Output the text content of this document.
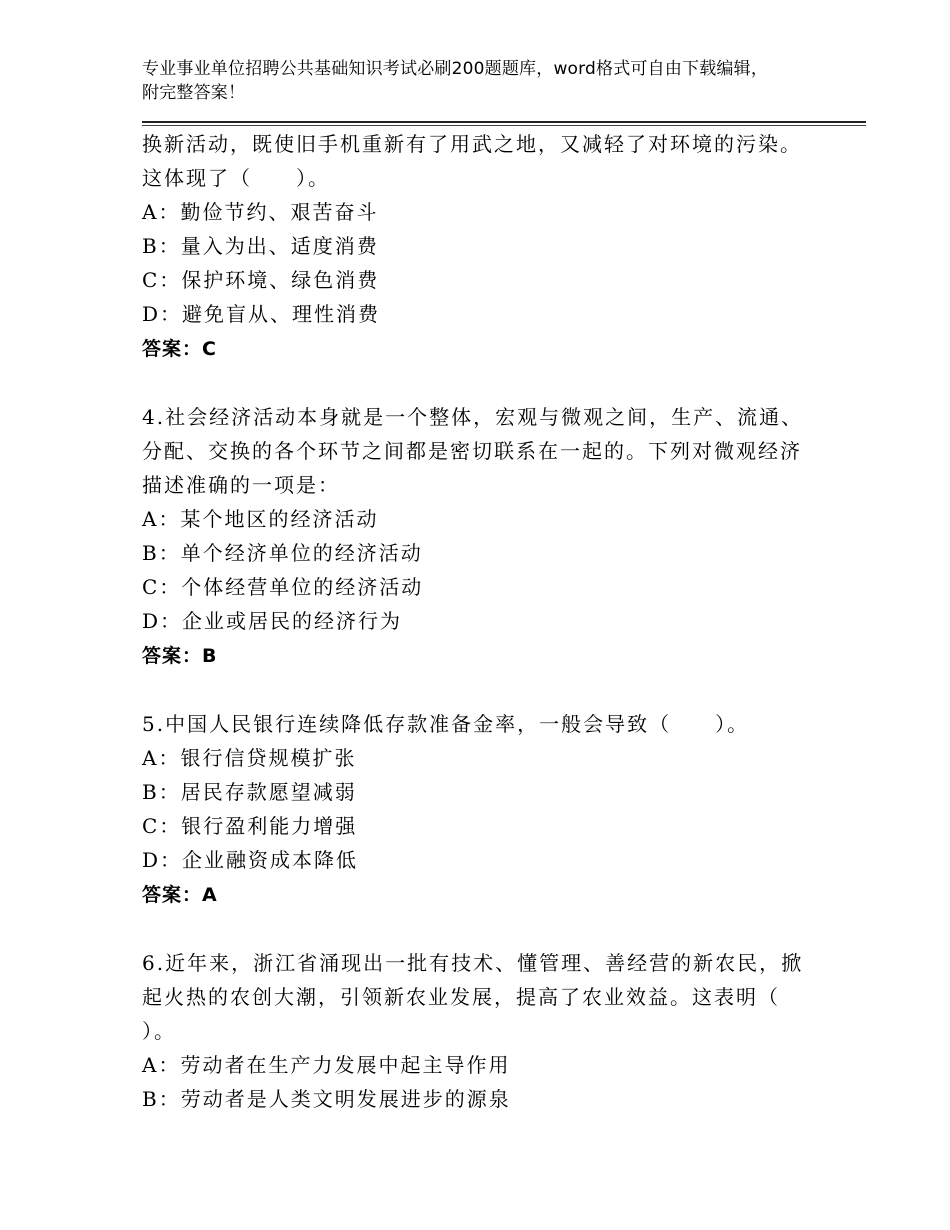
专业事业单位招聘公共基础知识考试必刷200题题库，word格式可自由下载编辑，附完整答案！
换新活动，既使旧手机重新有了用武之地，又减轻了对环境的污染。
这体现了（　　）。
A：勤俭节约、艰苦奋斗
B：量入为出、适度消费
C：保护环境、绿色消费
D：避免盲从、理性消费
答案：C
4.社会经济活动本身就是一个整体，宏观与微观之间，生产、流通、
分配、交换的各个环节之间都是密切联系在一起的。下列对微观经济
描述准确的一项是：
A：某个地区的经济活动
B：单个经济单位的经济活动
C：个体经营单位的经济活动
D：企业或居民的经济行为
答案：B
5.中国人民银行连续降低存款准备金率，一般会导致（　　）。
A：银行信贷规模扩张
B：居民存款愿望减弱
C：银行盈利能力增强
D：企业融资成本降低
答案：A
6.近年来，浙江省涌现出一批有技术、懂管理、善经营的新农民，掀
起火热的农创大潮，引领新农业发展，提高了农业效益。这表明（
）。
A：劳动者在生产力发展中起主导作用
B：劳动者是人类文明发展进步的源泉
